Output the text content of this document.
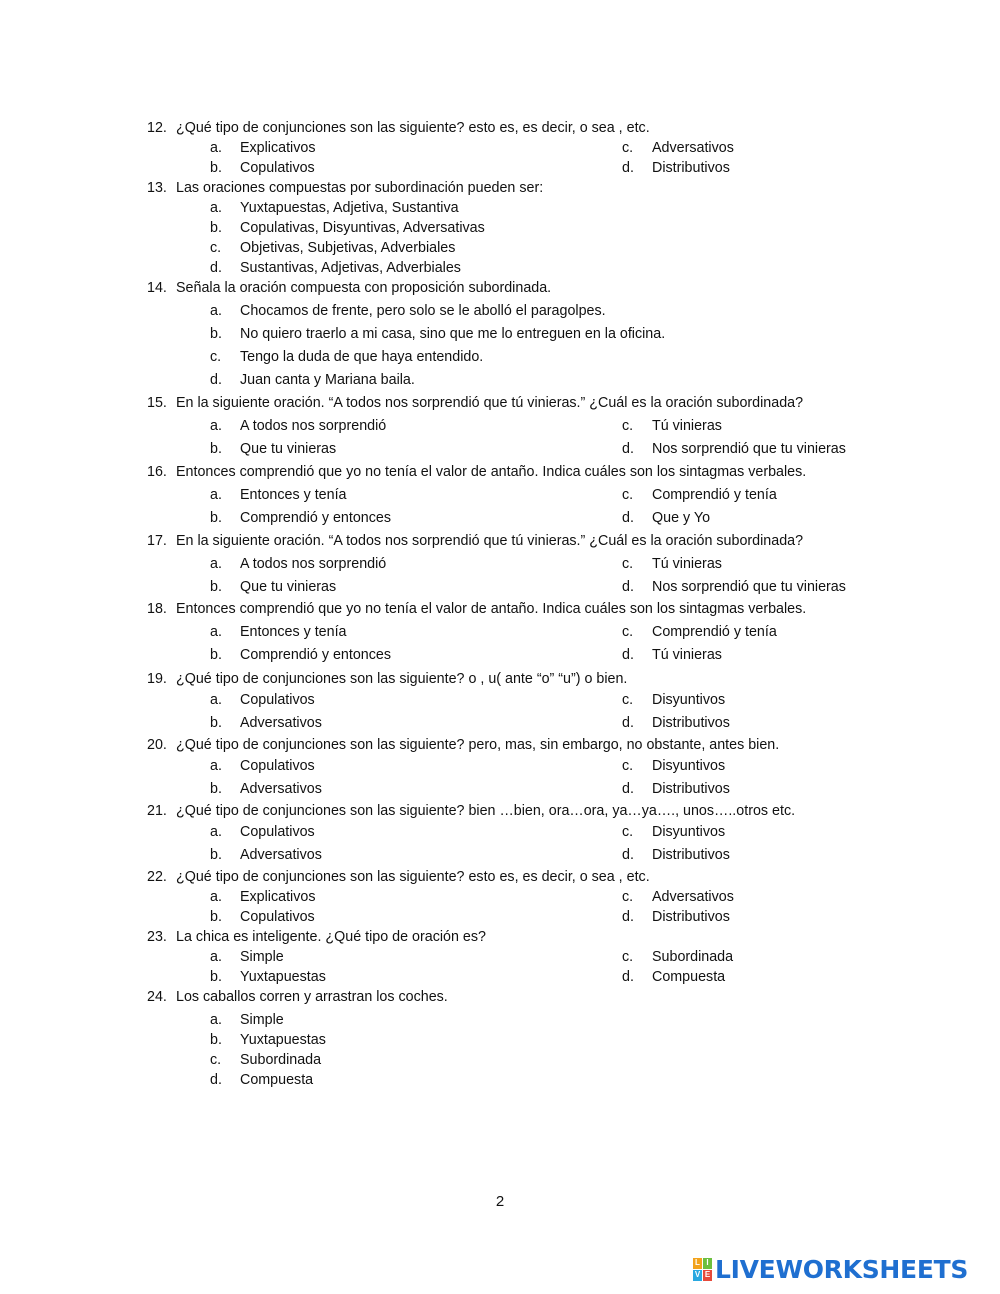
12. ¿Qué tipo de conjunciones son las siguiente? esto es, es decir, o sea , etc.
a. Explicativos	c. Adversativos
b. Copulativos	d. Distributivos
13. Las oraciones compuestas por subordinación pueden ser:
a. Yuxtapuestas, Adjetiva, Sustantiva
b. Copulativas, Disyuntivas, Adversativas
c. Objetivas, Subjetivas, Adverbiales
d. Sustantivas, Adjetivas, Adverbiales
14. Señala la oración compuesta con proposición subordinada.
a. Chocamos de frente, pero solo se le abolló el paragolpes.
b. No quiero traerlo a mi casa, sino que me lo entreguen en la oficina.
c. Tengo la duda de que haya entendido.
d. Juan canta y Mariana baila.
15. En la siguiente oración. “A todos nos sorprendió que tú vinieras.” ¿Cuál es la oración subordinada?
a. A todos nos sorprendió	c. Tú vinieras
b. Que tu vinieras	d. Nos sorprendió que tu vinieras
16. Entonces comprendió que yo no tenía el valor de antaño. Indica cuáles son los sintagmas verbales.
a. Entonces y tenía	c. Comprendió y tenía
b. Comprendió y entonces	d. Que y Yo
17. En la siguiente oración. “A todos nos sorprendió que tú vinieras.” ¿Cuál es la oración subordinada?
a. A todos nos sorprendió	c. Tú vinieras
b. Que tu vinieras	d. Nos sorprendió que tu vinieras
18. Entonces comprendió que yo no tenía el valor de antaño. Indica cuáles son los sintagmas verbales.
a. Entonces y tenía	c. Comprendió y tenía
b. Comprendió y entonces	d. Tú vinieras
19. ¿Qué tipo de conjunciones son las siguiente? o , u( ante “o” “u”) o bien.
a. Copulativos	c. Disyuntivos
b. Adversativos	d. Distributivos
20. ¿Qué tipo de conjunciones son las siguiente? pero, mas, sin embargo, no obstante, antes bien.
a. Copulativos	c. Disyuntivos
b. Adversativos	d. Distributivos
21. ¿Qué tipo de conjunciones son las siguiente? bien …bien, ora…ora, ya…ya…., unos…..otros etc.
a. Copulativos	c. Disyuntivos
b. Adversativos	d. Distributivos
22. ¿Qué tipo de conjunciones son las siguiente? esto es, es decir, o sea , etc.
a. Explicativos	c. Adversativos
b. Copulativos	d. Distributivos
23. La chica es inteligente. ¿Qué tipo de oración es?
a. Simple	c. Subordinada
b. Yuxtapuestas	d. Compuesta
24. Los caballos corren y arrastran los coches.
a. Simple
b. Yuxtapuestas
c. Subordinada
d. Compuesta
2
L I
V E LIVEWORKSHEETS
